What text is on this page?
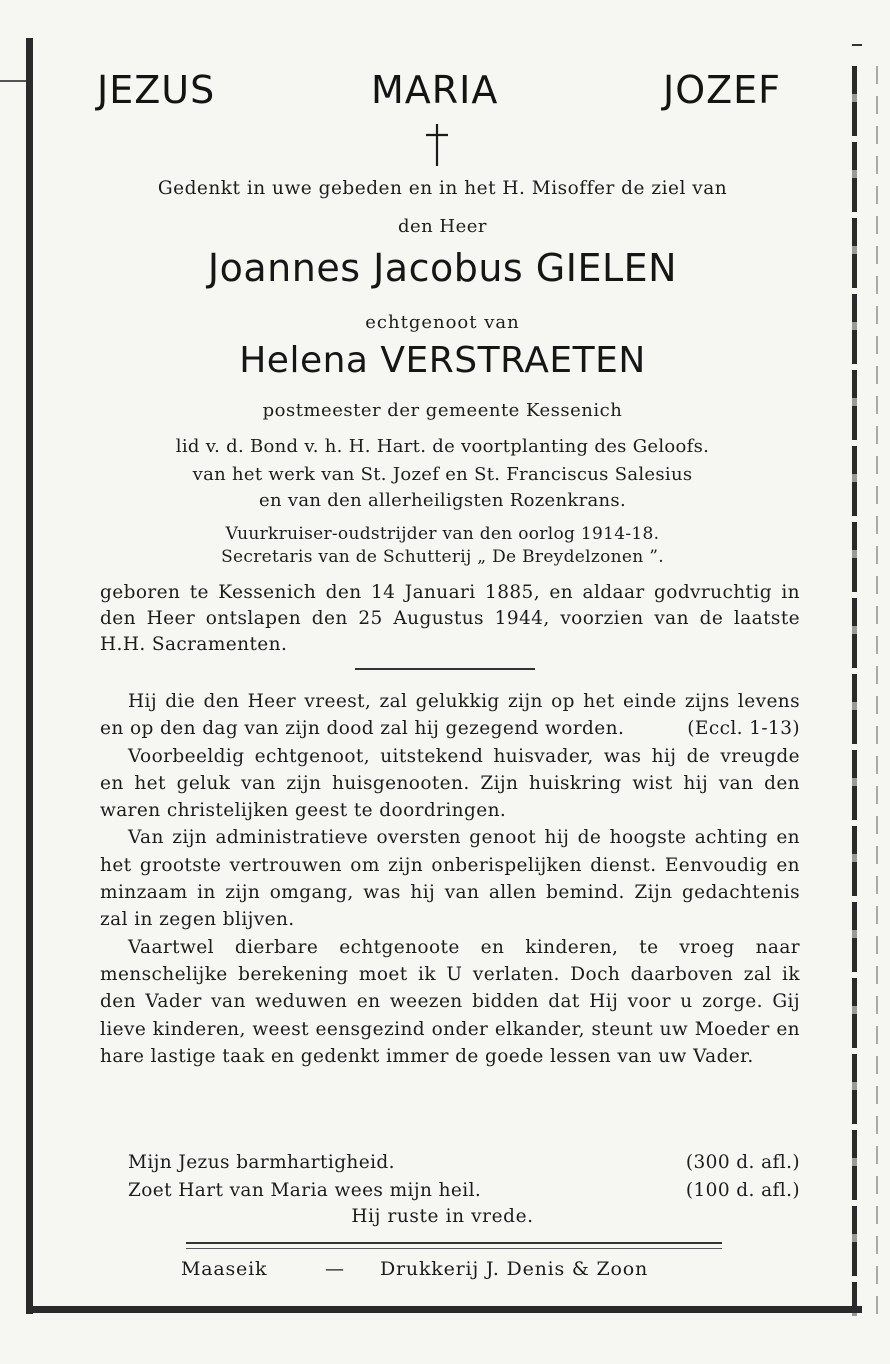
JEZUS	MARIA	JOZEF
Gedenkt in uwe gebeden en in het H. Misoffer de ziel van
den Heer
Joannes Jacobus GIELEN
echtgenoot van
Helena VERSTRAETEN
postmeester der gemeente Kessenich
lid v. d. Bond v. h. H. Hart. de voortplanting des Geloofs.
van het werk van St. Jozef en St. Franciscus Salesius
en van den allerheiligsten Rozenkrans.
Vuurkruiser-oudstrijder van den oorlog 1914-18.
Secretaris van de Schutterij „ De Breydelzonen ”.
geboren te Kessenich den 14 Januari 1885, en aldaar godvruchtig in den Heer ontslapen den 25 Augustus 1944, voorzien van de laatste H.H. Sacramenten.

Hij die den Heer vreest, zal gelukkig zijn op het einde zijns levens en op den dag van zijn dood zal hij gezegend worden.	(Eccl. 1-13)

Voorbeeldig echtgenoot, uitstekend huisvader, was hij de vreugde en het geluk van zijn huisgenooten. Zijn huiskring wist hij van den waren christelijken geest te doordringen.

Van zijn administratieve oversten genoot hij de hoogste achting en het grootste vertrouwen om zijn onberispelijken dienst. Eenvoudig en minzaam in zijn omgang, was hij van allen bemind. Zijn gedachtenis zal in zegen blijven.

Vaartwel dierbare echtgenoote en kinderen, te vroeg naar menschelijke berekening moet ik U verlaten. Doch daarboven zal ik den Vader van weduwen en weezen bidden dat Hij voor u zorge. Gij lieve kinderen, weest eensgezind onder elkander, steunt uw Moeder en hare lastige taak en gedenkt immer de goede lessen van uw Vader.

Mijn Jezus barmhartigheid.	(300 d. afl.)
Zoet Hart van Maria wees mijn heil.	(100 d. afl.)
Hij ruste in vrede.
Maaseik	— Drukkerij J. Denis & Zoon
